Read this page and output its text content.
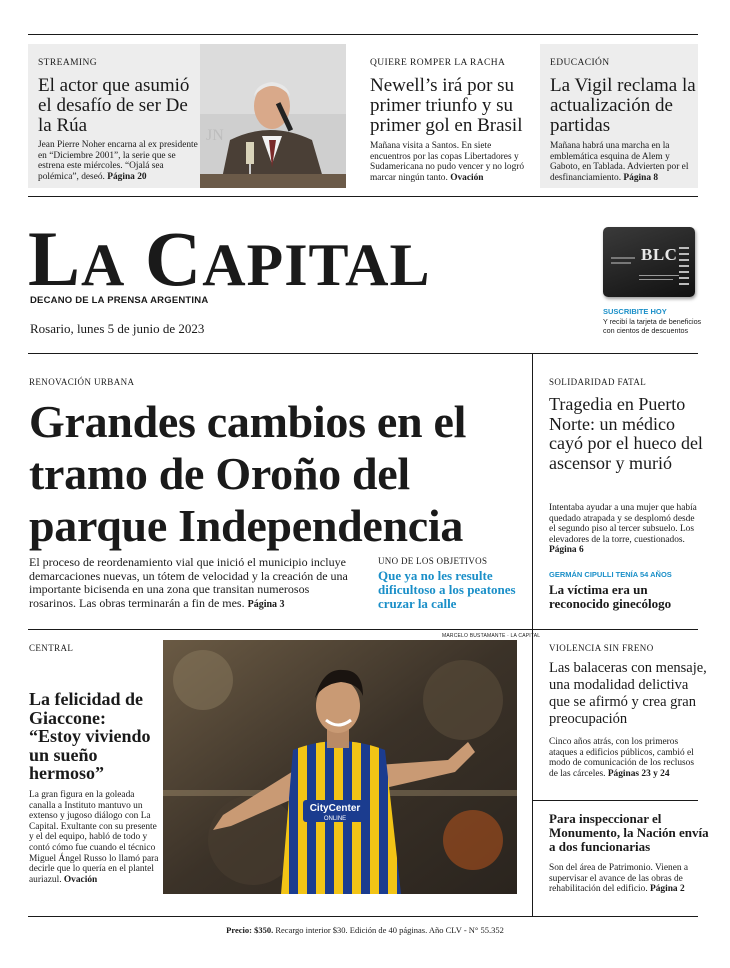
STREAMING
El actor que asumió el desafío de ser De la Rúa
Jean Pierre Noher encarna al ex presidente en “Diciembre 2001”, la serie que se estrena este miércoles. “Ojalá sea polémica”, deseó. Página 20
JN
QUIERE ROMPER LA RACHA
Newell’s irá por su primer triunfo y su primer gol en Brasil
Mañana visita a Santos. En siete encuentros por las copas Libertadores y Sudamericana no pudo vencer y no logró marcar ningún tanto. Ovación
EDUCACIÓN
La Vigil reclama la actualización de partidas
Mañana habrá una marcha en la emblemática esquina de Alem y Gaboto, en Tablada. Advierten por el desfinanciamiento. Página 8
LA CAPITAL
DECANO DE LA PRENSA ARGENTINA
Rosario, lunes 5 de junio de 2023
BLC
SUSCRIBITE HOY
Y recibí la tarjeta de beneficios con cientos de descuentos
RENOVACIÓN URBANA
Grandes cambios en el tramo de Oroño del parque Independencia
El proceso de reordenamiento vial que inició el municipio incluye demarcaciones nuevas, un tótem de velocidad y la creación de una importante bicisenda en una zona que transitan numerosos rosarinos. Las obras terminarán a fin de mes. Página 3
UNO DE LOS OBJETIVOS
Que ya no les resulte dificultoso a los peatones cruzar la calle
SOLIDARIDAD FATAL
Tragedia en Puerto Norte: un médico cayó por el hueco del ascensor y murió
Intentaba ayudar a una mujer que había quedado atrapada y se desplomó desde el segundo piso al tercer subsuelo. Los elevadores de la torre, cuestionados. Página 6
GERMÁN CIPULLI TENÍA 54 AÑOS
La víctima era un reconocido ginecólogo
CENTRAL
MARCELO BUSTAMANTE · LA CAPITAL
CityCenter
ONLINE
La felicidad de Giaccone: “Estoy viviendo un sueño hermoso”
La gran figura en la goleada canalla a Instituto mantuvo un extenso y jugoso diálogo con La Capital. Exultante con su presente y el del equipo, habló de todo y contó cómo fue cuando el técnico Miguel Ángel Russo lo llamó para decirle que lo quería en el plantel auriazul. Ovación
VIOLENCIA SIN FRENO
Las balaceras con mensaje, una modalidad delictiva que se afirmó y crea gran preocupación
Cinco años atrás, con los primeros ataques a edificios públicos, cambió el modo de comunicación de los reclusos de las cárceles. Páginas 23 y 24
Para inspeccionar el Monumento, la Nación envía a dos funcionarias
Son del área de Patrimonio. Vienen a supervisar el avance de las obras de rehabilitación del edificio. Página 2
Precio: $350. Recargo interior $30. Edición de 40 páginas. Año CLV - N° 55.352
